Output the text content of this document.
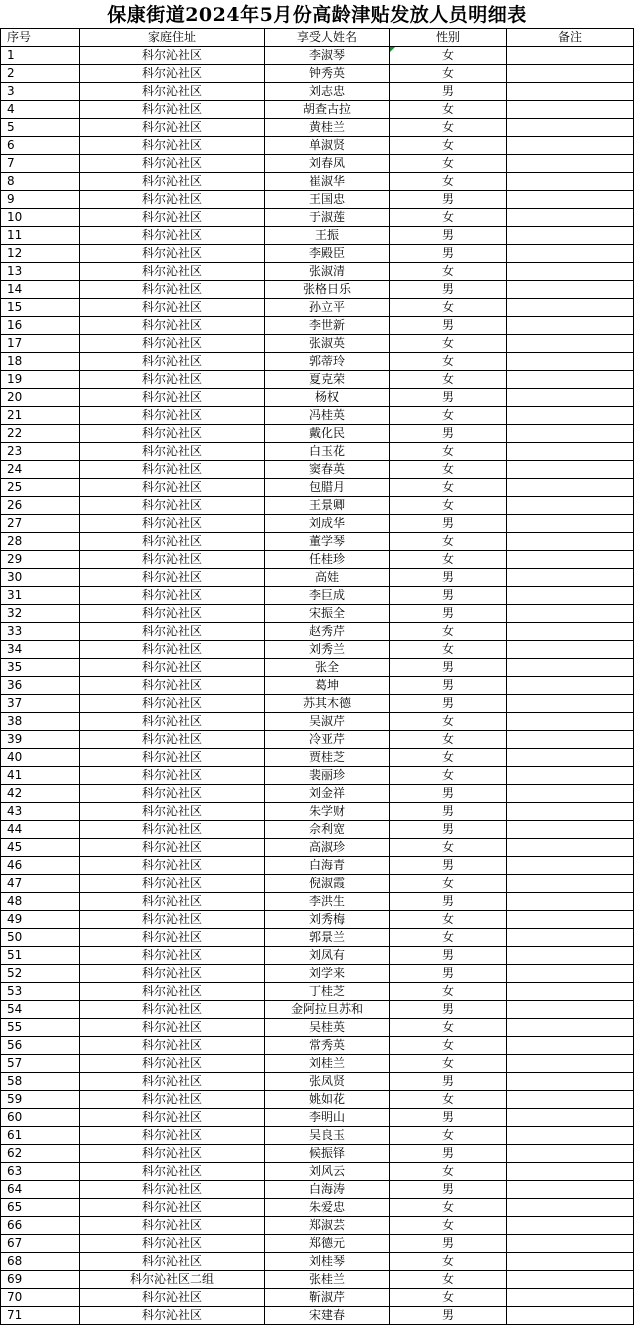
保康街道2024年5月份高龄津贴发放人员明细表
序号	家庭住址	享受人姓名	性别	备注
1	科尔沁社区	李淑琴	女	
2	科尔沁社区	钟秀英	女	
3	科尔沁社区	刘志忠	男	
4	科尔沁社区	胡查古拉	女	
5	科尔沁社区	黄桂兰	女	
6	科尔沁社区	单淑贤	女	
7	科尔沁社区	刘春凤	女	
8	科尔沁社区	崔淑华	女	
9	科尔沁社区	王国忠	男	
10	科尔沁社区	于淑莲	女	
11	科尔沁社区	王振	男	
12	科尔沁社区	李殿臣	男	
13	科尔沁社区	张淑清	女	
14	科尔沁社区	张格日乐	男	
15	科尔沁社区	孙立平	女	
16	科尔沁社区	李世新	男	
17	科尔沁社区	张淑英	女	
18	科尔沁社区	郭蒂玲	女	
19	科尔沁社区	夏克荣	女	
20	科尔沁社区	杨权	男	
21	科尔沁社区	冯桂英	女	
22	科尔沁社区	戴化民	男	
23	科尔沁社区	白玉花	女	
24	科尔沁社区	窦春英	女	
25	科尔沁社区	包腊月	女	
26	科尔沁社区	王景卿	女	
27	科尔沁社区	刘成华	男	
28	科尔沁社区	董学琴	女	
29	科尔沁社区	任桂珍	女	
30	科尔沁社区	高娃	男	
31	科尔沁社区	李巨成	男	
32	科尔沁社区	宋振全	男	
33	科尔沁社区	赵秀芹	女	
34	科尔沁社区	刘秀兰	女	
35	科尔沁社区	张全	男	
36	科尔沁社区	葛坤	男	
37	科尔沁社区	苏其木德	男	
38	科尔沁社区	吴淑芹	女	
39	科尔沁社区	冷亚芹	女	
40	科尔沁社区	贾桂芝	女	
41	科尔沁社区	裴丽珍	女	
42	科尔沁社区	刘金祥	男	
43	科尔沁社区	朱学财	男	
44	科尔沁社区	佘利宽	男	
45	科尔沁社区	高淑珍	女	
46	科尔沁社区	白海青	男	
47	科尔沁社区	倪淑霞	女	
48	科尔沁社区	李洪生	男	
49	科尔沁社区	刘秀梅	女	
50	科尔沁社区	郭景兰	女	
51	科尔沁社区	刘凤有	男	
52	科尔沁社区	刘学来	男	
53	科尔沁社区	丁桂芝	女	
54	科尔沁社区	金阿拉旦苏和	男	
55	科尔沁社区	吴桂英	女	
56	科尔沁社区	常秀英	女	
57	科尔沁社区	刘桂兰	女	
58	科尔沁社区	张凤贤	男	
59	科尔沁社区	姚如花	女	
60	科尔沁社区	李明山	男	
61	科尔沁社区	吴良玉	女	
62	科尔沁社区	候振铎	男	
63	科尔沁社区	刘风云	女	
64	科尔沁社区	白海涛	男	
65	科尔沁社区	朱爱忠	女	
66	科尔沁社区	郑淑芸	女	
67	科尔沁社区	郑德元	男	
68	科尔沁社区	刘桂琴	女	
69	科尔沁社区二组	张桂兰	女	
70	科尔沁社区	靳淑芹	女	
71	科尔沁社区	宋建春	男	
